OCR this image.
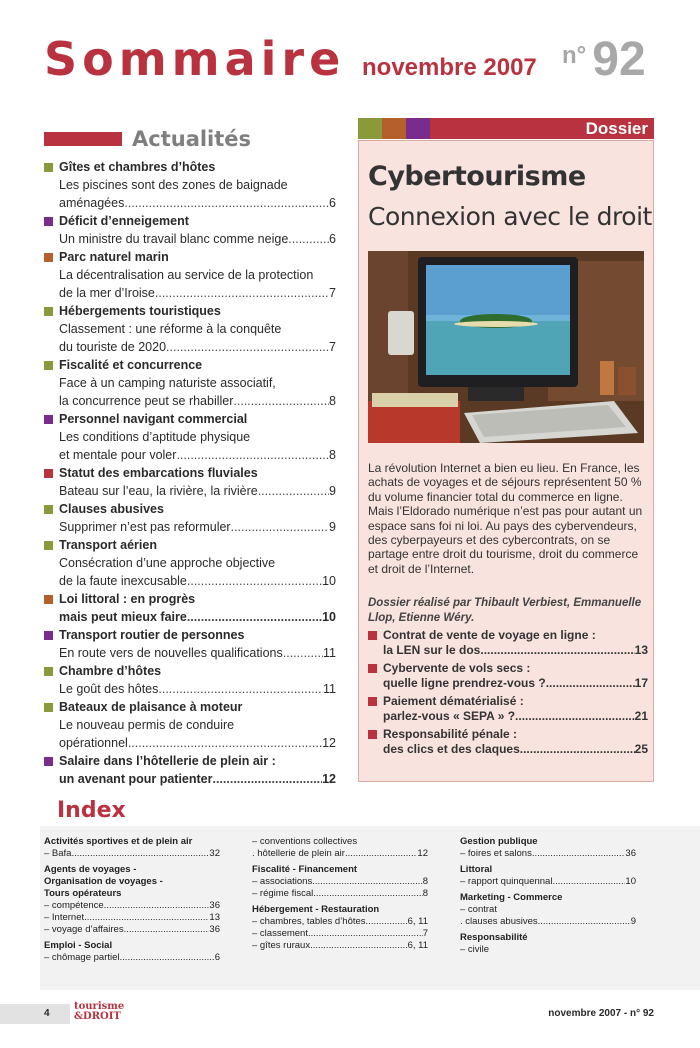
Sommaire novembre 2007 n° 92
Actualités
Gîtes et chambres d’hôtes
Les piscines sont des zones de baignade
aménagées .....	6
Déficit d’enneigement
Un ministre du travail blanc comme neige .....	6
Parc naturel marin
La décentralisation au service de la protection
de la mer d’Iroise .....	7
Hébergements touristiques
Classement : une réforme à la conquête
du touriste de 2020 .....	7
Fiscalité et concurrence
Face à un camping naturiste associatif,
la concurrence peut se rhabiller .....	8
Personnel navigant commercial
Les conditions d’aptitude physique
et mentale pour voler .....	8
Statut des embarcations fluviales
Bateau sur l’eau, la rivière, la rivière .....	9
Clauses abusives
Supprimer n’est pas reformuler .....	9
Transport aérien
Consécration d’une approche objective
de la faute inexcusable .....	10
Loi littoral : en progrès
mais peut mieux faire .....	10
Transport routier de personnes
En route vers de nouvelles qualifications .....	11
Chambre d’hôtes
Le goût des hôtes .....	11
Bateaux de plaisance à moteur
Le nouveau permis de conduire
opérationnel .....	12
Salaire dans l’hôtellerie de plein air :
un avenant pour patienter .....	12
Dossier
Cybertourisme
Connexion avec le droit
La révolution Internet a bien eu lieu. En France, les achats de voyages et de séjours représentent 50 % du volume financier total du commerce en ligne. Mais l’Eldorado numérique n’est pas pour autant un espace sans foi ni loi. Au pays des cybervendeurs, des cyberpayeurs et des cybercontrats, on se partage entre droit du tourisme, droit du commerce et droit de l’Internet.
Dossier réalisé par Thibault Verbiest, Emmanuelle Llop, Etienne Wéry.
Contrat de vente de voyage en ligne :
la LEN sur le dos .....	13
Cybervente de vols secs :
quelle ligne prendrez-vous ? .....	17
Paiement dématérialisé :
parlez-vous « SEPA » ? .....	21
Responsabilité pénale :
des clics et des claques .....	25
Index
Activités sportives et de plein air
– Bafa .....	32
Agents de voyages -
Organisation de voyages -
Tours opérateurs
– compétence .....	36
– Internet .....	13
– voyage d’affaires .....	36
Emploi - Social
– chômage partiel .....	6
– conventions collectives
. hôtellerie de plein air .....	12
Fiscalité - Financement
– associations .....	8
– régime fiscal .....	8
Hébergement - Restauration
– chambres, tables d’hôtes .....	6, 11
– classement .....	7
– gîtes ruraux .....	6, 11
Gestion publique
– foires et salons .....	36
Littoral
– rapport quinquennal .....	10
Marketing - Commerce
– contrat
. clauses abusives .....	9
Responsabilité
– civile
4
tourisme
&DROIT	novembre 2007 - n° 92
